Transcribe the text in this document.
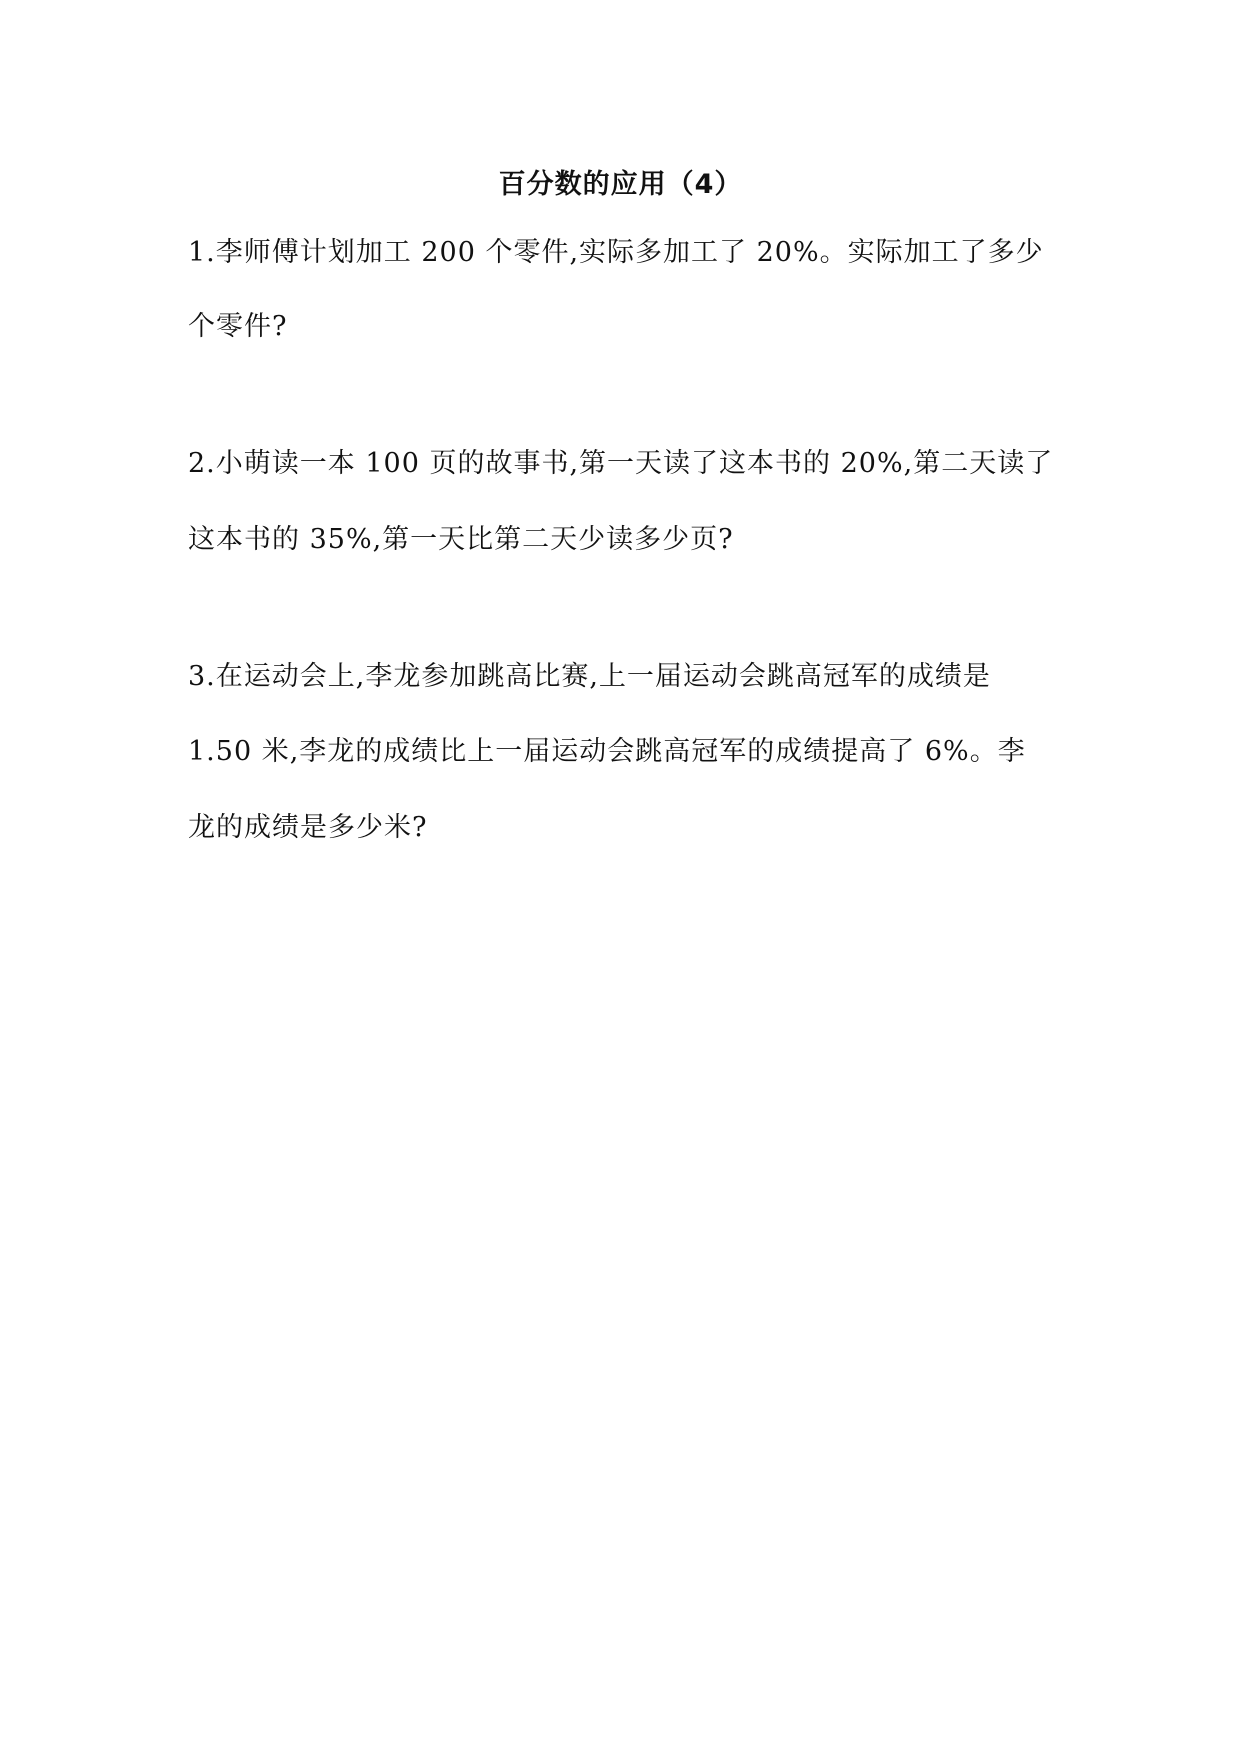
百分数的应用（4）
1.李师傅计划加工 200 个零件,实际多加工了 20%。实际加工了多少
个零件?
2.小萌读一本 100 页的故事书,第一天读了这本书的 20%,第二天读了
这本书的 35%,第一天比第二天少读多少页?
3.在运动会上,李龙参加跳高比赛,上一届运动会跳高冠军的成绩是
1.50 米,李龙的成绩比上一届运动会跳高冠军的成绩提高了 6%。李
龙的成绩是多少米?
